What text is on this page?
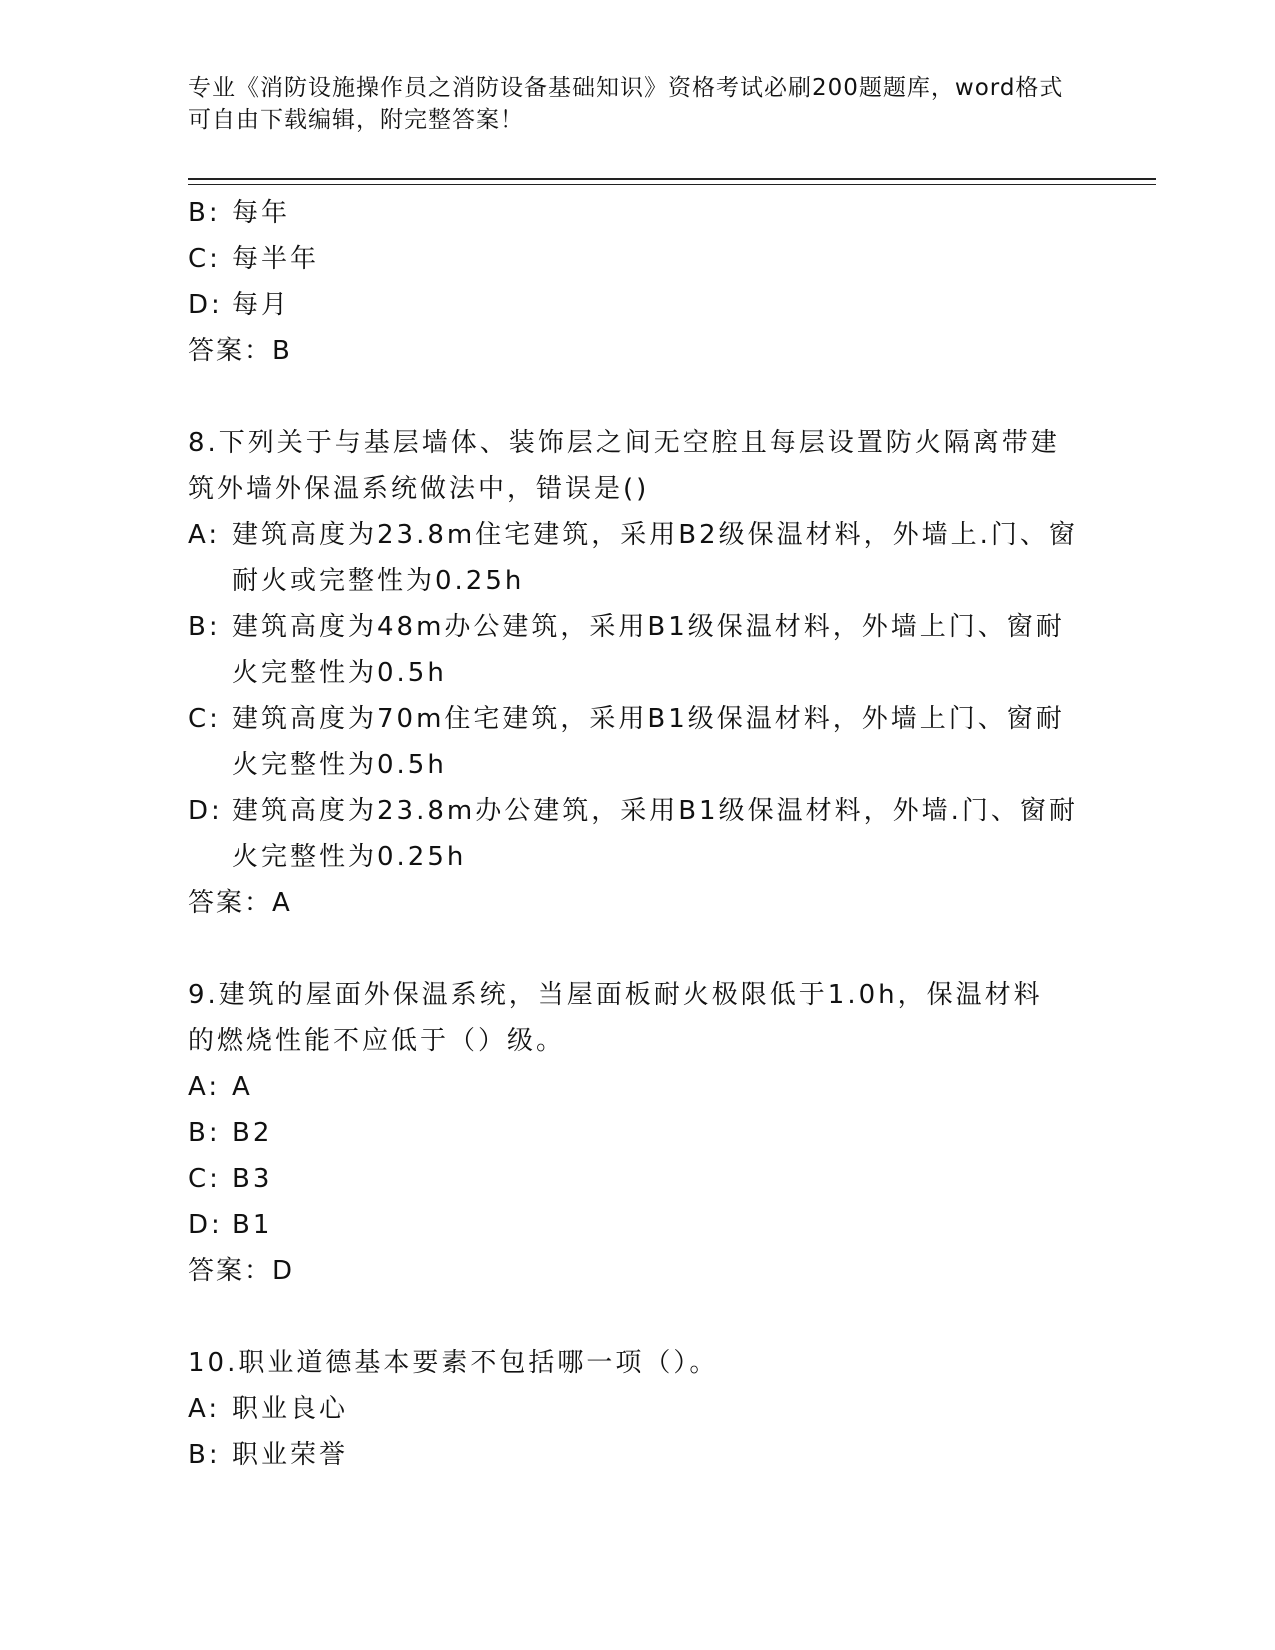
专业《消防设施操作员之消防设备基础知识》资格考试必刷200题题库，word格式可自由下载编辑，附完整答案！
B: 每年
C: 每半年
D: 每月
答案：B
8.下列关于与基层墙体、装饰层之间无空腔且每层设置防火隔离带建筑外墙外保温系统做法中，错误是()
A: 建筑高度为23.8m住宅建筑，采用B2级保温材料，外墙上.门、窗耐火或完整性为0.25h
B: 建筑高度为48m办公建筑，采用B1级保温材料，外墙上门、窗耐火完整性为0.5h
C: 建筑高度为70m住宅建筑，采用B1级保温材料，外墙上门、窗耐火完整性为0.5h
D: 建筑高度为23.8m办公建筑，采用B1级保温材料，外墙.门、窗耐火完整性为0.25h
答案：A
9.建筑的屋面外保温系统，当屋面板耐火极限低于1.0h，保温材料的燃烧性能不应低于（）级。
A: A
B: B2
C: B3
D: B1
答案：D
10.职业道德基本要素不包括哪一项（）。
A: 职业良心
B: 职业荣誉
